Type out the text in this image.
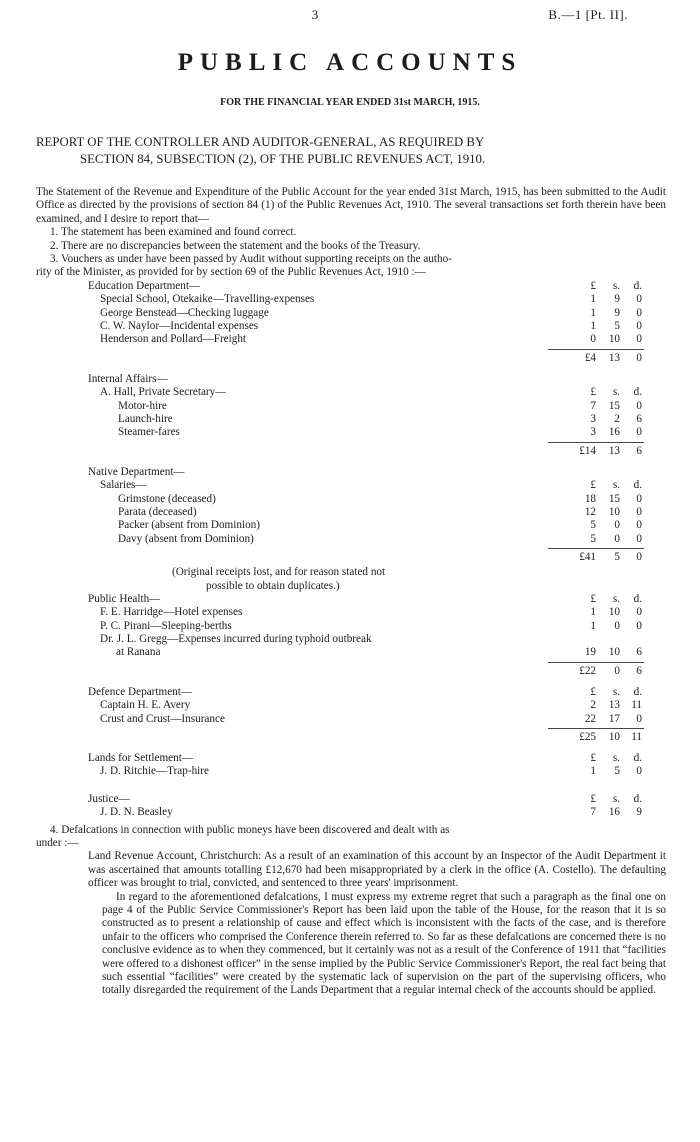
3	B.—1 [Pt. II].
PUBLIC ACCOUNTS
FOR THE FINANCIAL YEAR ENDED 31st MARCH, 1915.
REPORT OF THE CONTROLLER AND AUDITOR-GENERAL, AS REQUIRED BY
SECTION 84, SUBSECTION (2), OF THE PUBLIC REVENUES ACT, 1910.

The Statement of the Revenue and Expenditure of the Public Account for the year ended 31st March, 1915, has been submitted to the Audit Office as directed by the provisions of section 84 (1) of the Public Revenues Act, 1910. The several transactions set forth therein have been examined, and I desire to report that—

1. The statement has been examined and found correct.
2. There are no discrepancies between the statement and the books of the Treasury.
3. Vouchers as under have been passed by Audit without supporting receipts on the autho-
rity of the Minister, as provided for by section 69 of the Public Revenues Act, 1910 :—
Education Department—	£	s.	d.
Special School, Otekaike—Travelling-expenses	1	9	0
George Benstead—Checking luggage	1	9	0
C. W. Naylor—Incidental expenses	1	5	0
Henderson and Pollard—Freight	0	10	0
£4	13	0
Internal Affairs—
A. Hall, Private Secretary—	£	s.	d.
Motor-hire	7	15	0
Launch-hire	3	2	6
Steamer-fares	3	16	0
£14	13	6
Native Department—
Salaries—	£	s.	d.
Grimstone (deceased)	18	15	0
Parata (deceased)	12	10	0
Packer (absent from Dominion)	5	0	0
Davy (absent from Dominion)	5	0	0
£41	5	0
(Original receipts lost, and for reason stated not
possible to obtain duplicates.)
Public Health—	£	s.	d.
F. E. Harridge—Hotel expenses	1	10	0
P. C. Pirani—Sleeping-berths	1	0	0
Dr. J. L. Gregg—Expenses incurred during typhoid outbreak
at Ranana	19	10	6
£22	0	6
Defence Department—	£	s.	d.
Captain H. E. Avery	2	13	11
Crust and Crust—Insurance	22	17	0
£25	10	11
Lands for Settlement—	£	s.	d.
J. D. Ritchie—Trap-hire	1	5	0
Justice—	£	s.	d.
J. D. N. Beasley	7	16	9
4. Defalcations in connection with public moneys have been discovered and dealt with as
under :—

Land Revenue Account, Christchurch: As a result of an examination of this account by an Inspector of the Audit Department it was ascertained that amounts totalling £12,670 had been misappropriated by a clerk in the office (A. Costello). The defaulting officer was brought to trial, convicted, and sentenced to three years' imprisonment.

In regard to the aforementioned defalcations, I must express my extreme regret that such a paragraph as the final one on page 4 of the Public Service Commissioner's Report has been laid upon the table of the House, for the reason that it is so constructed as to present a relationship of cause and effect which is inconsistent with the facts of the case, and is therefore unfair to the officers who comprised the Conference therein referred to. So far as these defalcations are concerned there is no conclusive evidence as to when they commenced, but it certainly was not as a result of the Conference of 1911 that “facilities were offered to a dishonest officer” in the sense implied by the Public Service Commissioner's Report, the real fact being that such essential “facilities” were created by the systematic lack of supervision on the part of the supervising officers, who totally disregarded the requirement of the Lands Department that a regular internal check of the accounts should be applied.
